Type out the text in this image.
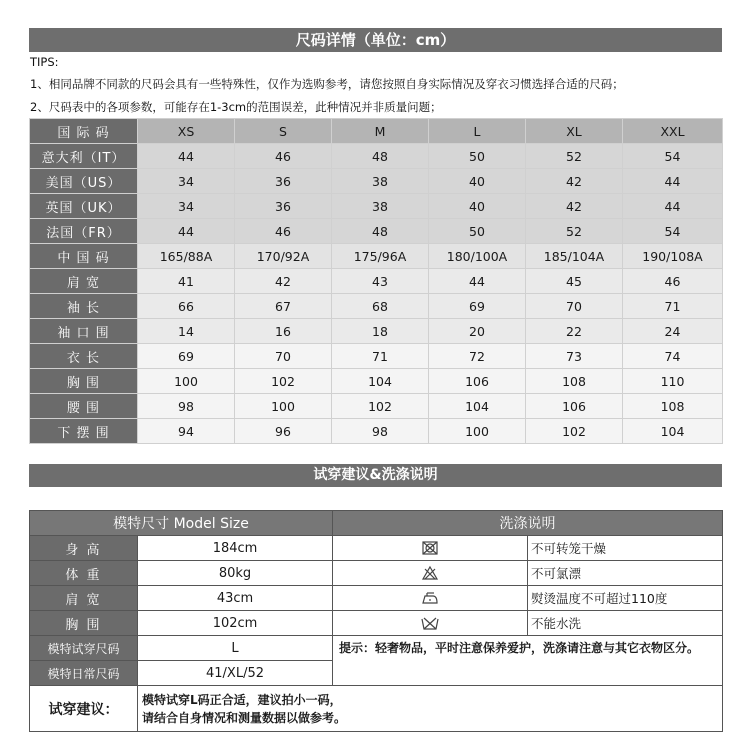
尺码详情（单位：cm）
TIPS:
1、相同品牌不同款的尺码会具有一些特殊性，仅作为选购参考，请您按照自身实际情况及穿衣习惯选择合适的尺码；
2、尺码表中的各项参数，可能存在1-3cm的范围误差，此种情况并非质量问题；
国 际 码	XS	S	M	L	XL	XXL
意大利（IT）	44	46	48	50	52	54
美国（US）	34	36	38	40	42	44
英国（UK）	34	36	38	40	42	44
法国（FR）	44	46	48	50	52	54
中 国 码	165/88A	170/92A	175/96A	180/100A	185/104A	190/108A
肩 宽	41	42	43	44	45	46
袖 长	66	67	68	69	70	71
袖 口 围	14	16	18	20	22	24
衣 长	69	70	71	72	73	74
胸 围	100	102	104	106	108	110
腰 围	98	100	102	104	106	108
下 摆 围	94	96	98	100	102	104
试穿建议&洗涤说明
模特尺寸 Model Size		洗涤说明	
身 高	184cm		不可转笼干燥
体 重	80kg		不可氯漂
肩 宽	43cm		熨烫温度不可超过110度
胸 围	102cm		不能水洗
模特试穿尺码	L	提示：轻奢物品，平时注意保养爱护，洗涤请注意与其它衣物区分。	
模特日常尺码	41/XL/52		
试穿建议：	模特试穿L码正合适，建议拍小一码，
请结合自身情况和测量数据以做参考。		
